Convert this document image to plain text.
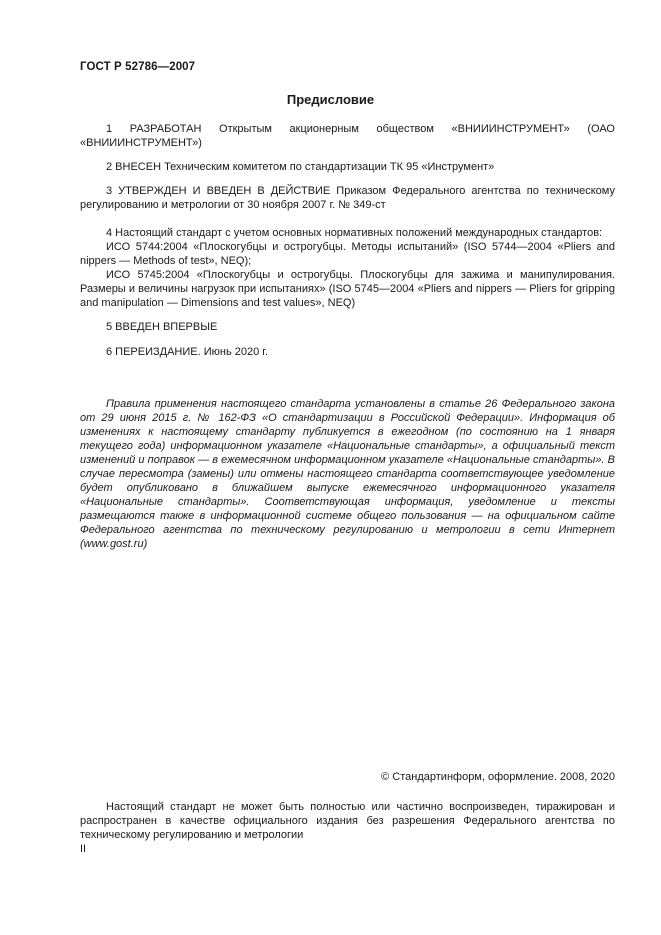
ГОСТ Р 52786—2007
Предисловие

1 РАЗРАБОТАН Открытым акционерным обществом «ВНИИИНСТРУМЕНТ» (ОАО «ВНИИИНСТРУМЕНТ»)

2 ВНЕСЕН Техническим комитетом по стандартизации ТК 95 «Инструмент»

3 УТВЕРЖДЕН И ВВЕДЕН В ДЕЙСТВИЕ Приказом Федерального агентства по техническому регулированию и метрологии от 30 ноября 2007 г. № 349-ст

4 Настоящий стандарт с учетом основных нормативных положений международных стандартов:

ИСО 5744:2004 «Плоскогубцы и острогубцы. Методы испытаний» (ISO 5744—2004 «Pliers and nippers — Methods of test», NEQ);

ИСО 5745:2004 «Плоскогубцы и острогубцы. Плоскогубцы для зажима и манипулирования. Размеры и величины нагрузок при испытаниях» (ISO 5745—2004 «Pliers and nippers — Pliers for gripping and manipulation — Dimensions and test values», NEQ)

5 ВВЕДЕН ВПЕРВЫЕ

6 ПЕРЕИЗДАНИЕ. Июнь 2020 г.

Правила применения настоящего стандарта установлены в статье 26 Федерального закона от 29 июня 2015 г. № 162-ФЗ «О стандартизации в Российской Федерации». Информация об изменениях к настоящему стандарту публикуется в ежегодном (по состоянию на 1 января текущего года) информационном указателе «Национальные стандарты», а официальный текст изменений и поправок — в ежемесячном информационном указателе «Национальные стандарты». В случае пересмотра (замены) или отмены настоящего стандарта соответствующее уведомление будет опубликовано в ближайшем выпуске ежемесячного информационного указателя «Национальные стандарты». Соответствующая информация, уведомление и тексты размещаются также в информационной системе общего пользования — на официальном сайте Федерального агентства по техническому регулированию и метрологии в сети Интернет (www.gost.ru)
© Стандартинформ, оформление. 2008, 2020
Настоящий стандарт не может быть полностью или частично воспроизведен, тиражирован и распространен в качестве официального издания без разрешения Федерального агентства по техническому регулированию и метрологии
II
